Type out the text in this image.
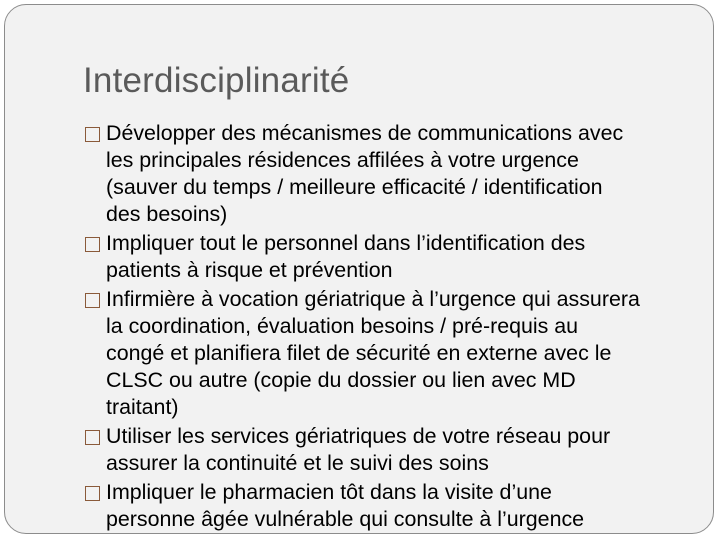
Interdisciplinarité
Développer des mécanismes de communications avec
les principales résidences affilées à votre urgence
(sauver du temps / meilleure efficacité / identification
des besoins)
Impliquer tout le personnel dans l’identification des
patients à risque et prévention
Infirmière à vocation gériatrique à l’urgence qui assurera
la coordination, évaluation besoins / pré-requis au
congé et planifiera filet de sécurité en externe avec le
CLSC ou autre (copie du dossier ou lien avec MD
traitant)
Utiliser les services gériatriques de votre réseau pour
assurer la continuité et le suivi des soins
Impliquer le pharmacien tôt dans la visite d’une
personne âgée vulnérable qui consulte à l’urgence
